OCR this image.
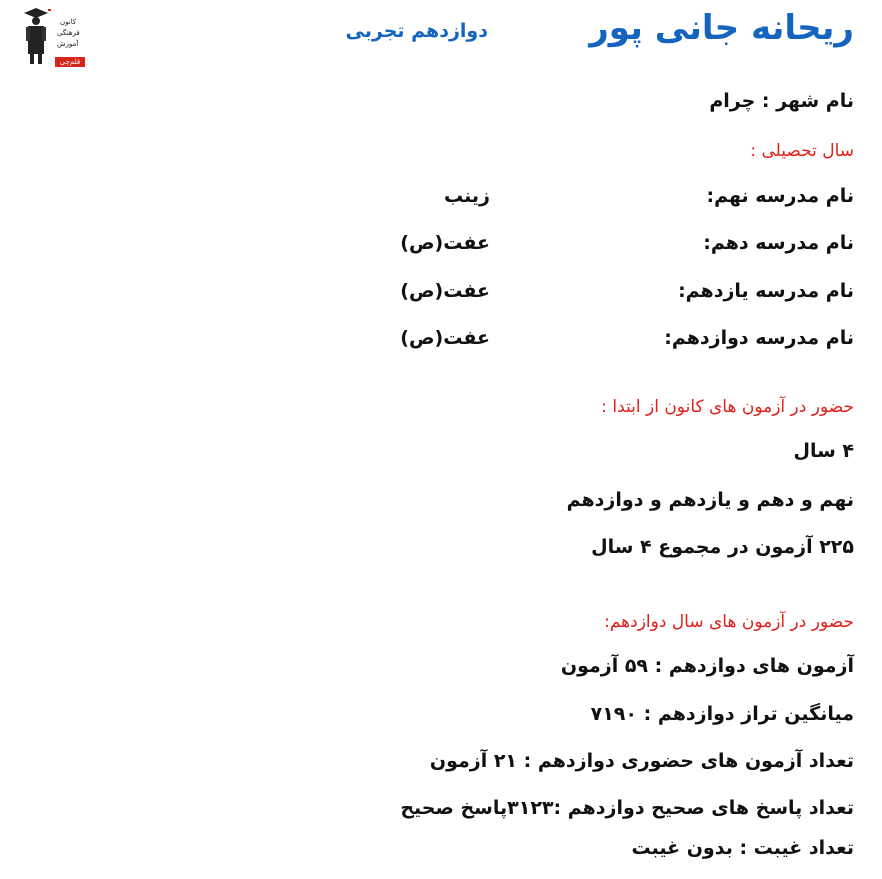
کانون
فرهنگی
آموزش
قلم‌چی
ریحانه جانی پور
دوازدهم تجربی
نام شهر : چرام
سال تحصیلی :
نام مدرسه نهم:
زینب
نام مدرسه دهم:
عفت(ص)
نام مدرسه یازدهم:
عفت(ص)
نام مدرسه دوازدهم:
عفت(ص)
حضور در آزمون های کانون از ابتدا :
۴ سال
نهم و دهم و یازدهم و دوازدهم
۲۲۵ آزمون در مجموع ۴ سال
حضور در آزمون های سال دوازدهم:
آزمون های دوازدهم : ۵۹ آزمون
میانگین تراز دوازدهم : ۷۱۹۰
تعداد آزمون های حضوری دوازدهم : ۲۱ آزمون
تعداد پاسخ های صحیح دوازدهم :۳۱۲۳پاسخ صحیح
تعداد غیبت : بدون غیبت
